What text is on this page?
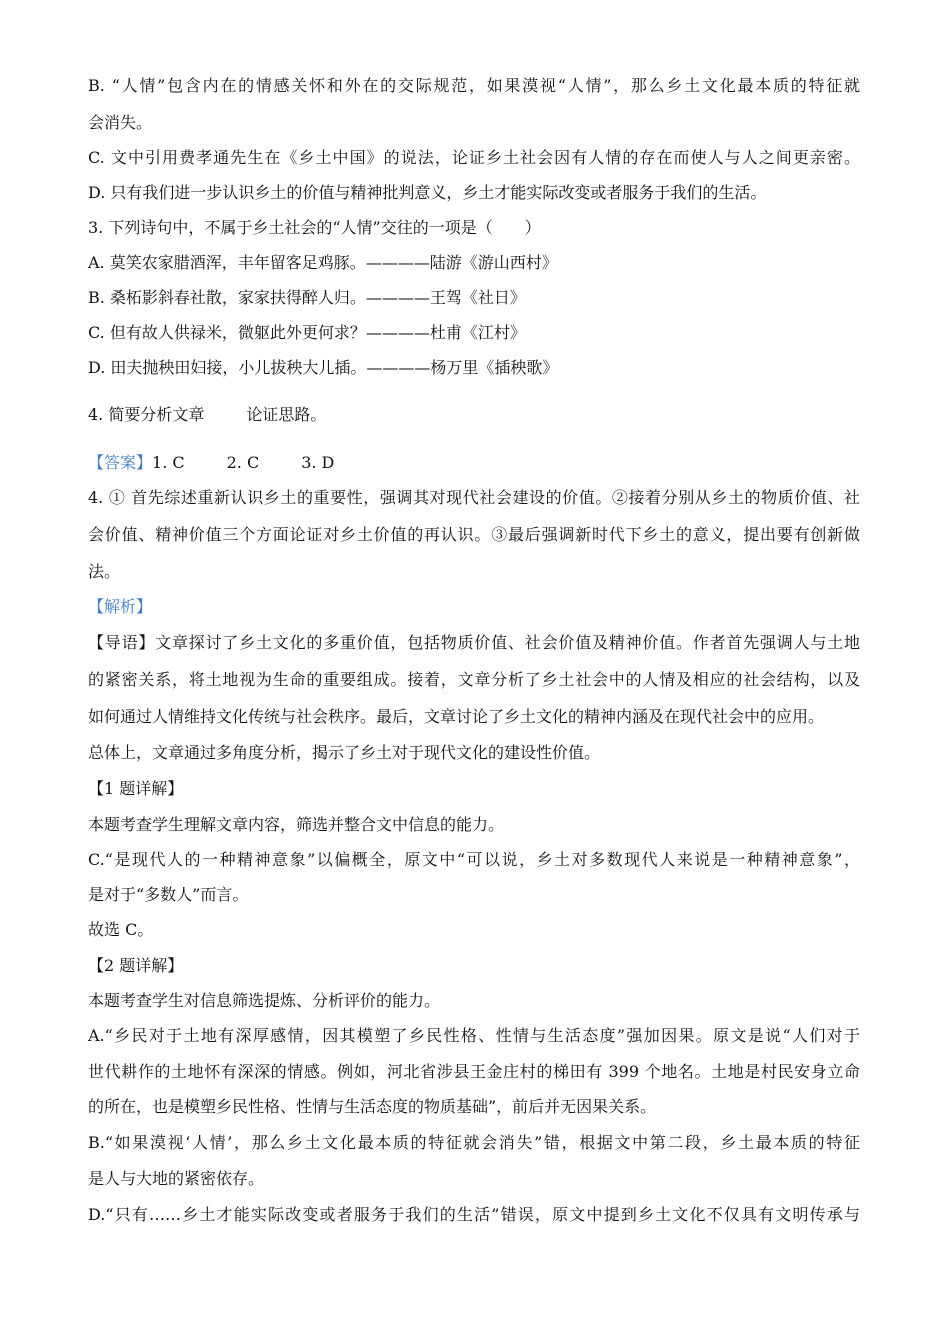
B. “人情”包含内在的情感关怀和外在的交际规范，如果漠视“人情”，那么乡土文化最本质的特征就
会消失。
C. 文中引用费孝通先生在《乡土中国》的说法，论证乡土社会因有人情的存在而使人与人之间更亲密。
D. 只有我们进一步认识乡土的价值与精神批判意义，乡土才能实际改变或者服务于我们的生活。
3. 下列诗句中，不属于乡土社会的“人情”交往的一项是（　　）
A. 莫笑农家腊酒浑，丰年留客足鸡豚。————陆游《游山西村》
B. 桑柘影斜春社散，家家扶得醉人归。————王驾《社日》
C. 但有故人供禄米，微躯此外更何求？————杜甫《江村》
D. 田夫抛秧田妇接，小儿拔秧大儿插。————杨万里《插秧歌》
4. 简要分析文章	论证思路。
【答案】1. C	2. C	3. D
4. ① 首先综述重新认识乡土的重要性，强调其对现代社会建设的价值。②接着分别从乡土的物质价值、社
会价值、精神价值三个方面论证对乡土价值的再认识。③最后强调新时代下乡土的意义，提出要有创新做
法。
【解析】
【导语】文章探讨了乡土文化的多重价值，包括物质价值、社会价值及精神价值。作者首先强调人与土地
的紧密关系，将土地视为生命的重要组成。接着，文章分析了乡土社会中的人情及相应的社会结构，以及
如何通过人情维持文化传统与社会秩序。最后，文章讨论了乡土文化的精神内涵及在现代社会中的应用。
总体上，文章通过多角度分析，揭示了乡土对于现代文化的建设性价值。
【1 题详解】
本题考查学生理解文章内容，筛选并整合文中信息的能力。
C.“是现代人的一种精神意象”以偏概全，原文中“可以说，乡土对多数现代人来说是一种精神意象”，
是对于“多数人”而言。
故选 C。
【2 题详解】
本题考查学生对信息筛选提炼、分析评价的能力。
A.“乡民对于土地有深厚感情，因其模塑了乡民性格、性情与生活态度”强加因果。原文是说“人们对于
世代耕作的土地怀有深深的情感。例如，河北省涉县王金庄村的梯田有 399 个地名。土地是村民安身立命
的所在，也是模塑乡民性格、性情与生活态度的物质基础”，前后并无因果关系。
B.“如果漠视‘人情’，那么乡土文化最本质的特征就会消失”错，根据文中第二段，乡土最本质的特征
是人与大地的紧密依存。
D.“只有……乡土才能实际改变或者服务于我们的生活”错误，原文中提到乡土文化不仅具有文明传承与
